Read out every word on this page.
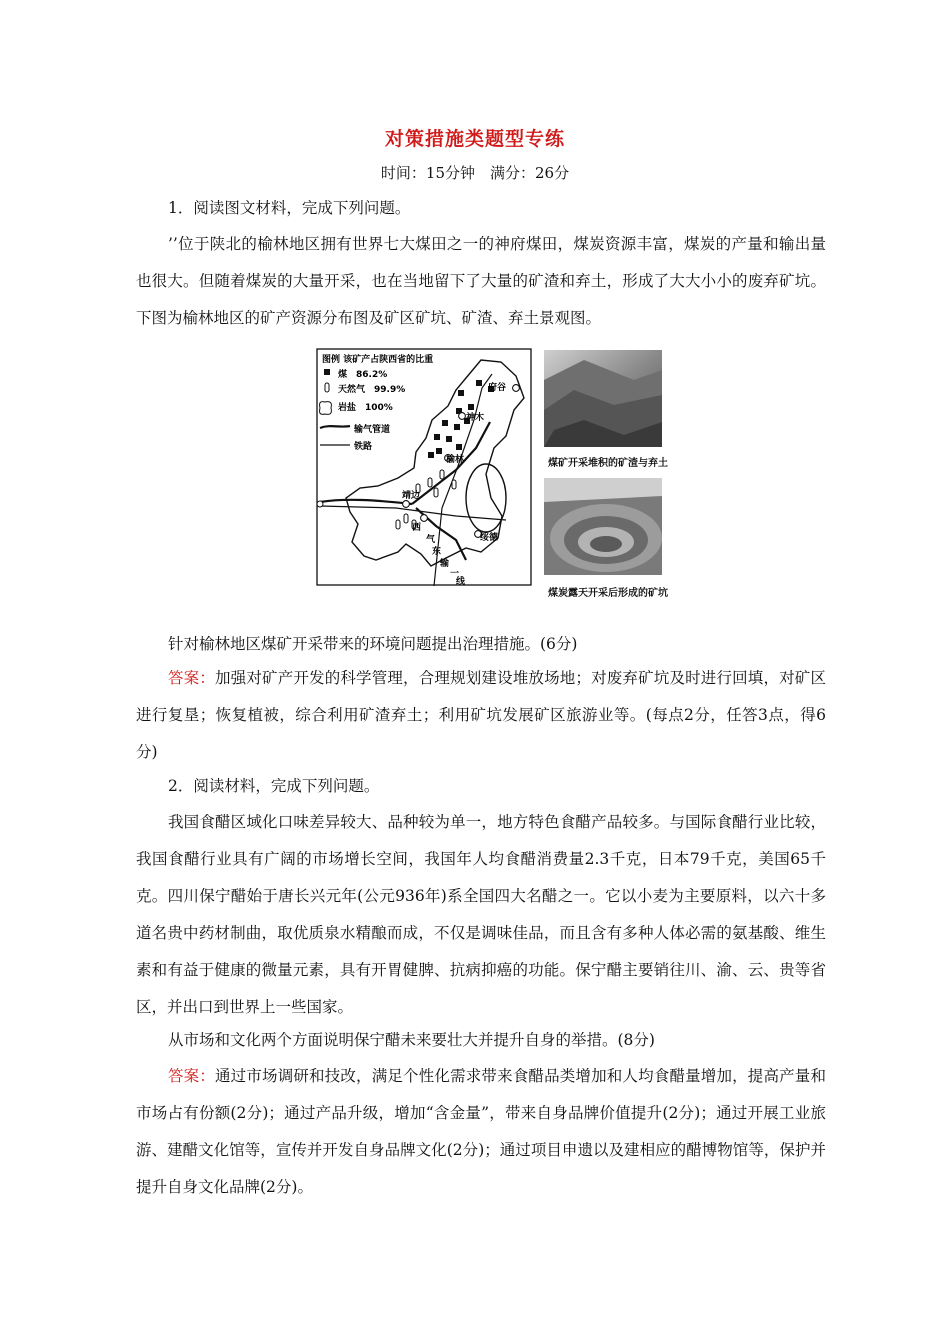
对策措施类题型专练
时间：15分钟　满分：26分

1．阅读图文材料，完成下列问题。

’’位于陕北的榆林地区拥有世界七大煤田之一的神府煤田，煤炭资源丰富，煤炭的产量和输出量也很大。但随着煤炭的大量开采，也在当地留下了大量的矿渣和弃土，形成了大大小小的废弃矿坑。下图为榆林地区的矿产资源分布图及矿区矿坑、矿渣、弃土景观图。

图例 该矿产占陕西省的比重
煤　86.2%
天然气　99.9%
岩盐　100%
输气管道
铁路
府谷
神木
榆林
靖边
绥德
西
气
东
输
一
线
煤矿开采堆积的矿渣与弃土
煤炭露天开采后形成的矿坑

针对榆林地区煤矿开采带来的环境问题提出治理措施。(6分)

答案：加强对矿产开发的科学管理，合理规划建设堆放场地；对废弃矿坑及时进行回填，对矿区进行复垦；恢复植被，综合利用矿渣弃土；利用矿坑发展矿区旅游业等。(每点2分，任答3点，得6分)

2．阅读材料，完成下列问题。

我国食醋区域化口味差异较大、品种较为单一，地方特色食醋产品较多。与国际食醋行业比较，我国食醋行业具有广阔的市场增长空间，我国年人均食醋消费量2.3千克，日本79千克，美国65千克。四川保宁醋始于唐长兴元年(公元936年)系全国四大名醋之一。它以小麦为主要原料，以六十多道名贵中药材制曲，取优质泉水精酿而成，不仅是调味佳品，而且含有多种人体必需的氨基酸、维生素和有益于健康的微量元素，具有开胃健脾、抗病抑癌的功能。保宁醋主要销往川、渝、云、贵等省区，并出口到世界上一些国家。

从市场和文化两个方面说明保宁醋未来要壮大并提升自身的举措。(8分)

答案：通过市场调研和技改，满足个性化需求带来食醋品类增加和人均食醋量增加，提高产量和市场占有份额(2分)；通过产品升级，增加“含金量”，带来自身品牌价值提升(2分)；通过开展工业旅游、建醋文化馆等，宣传并开发自身品牌文化(2分)；通过项目申遗以及建相应的醋博物馆等，保护并提升自身文化品牌(2分)。
